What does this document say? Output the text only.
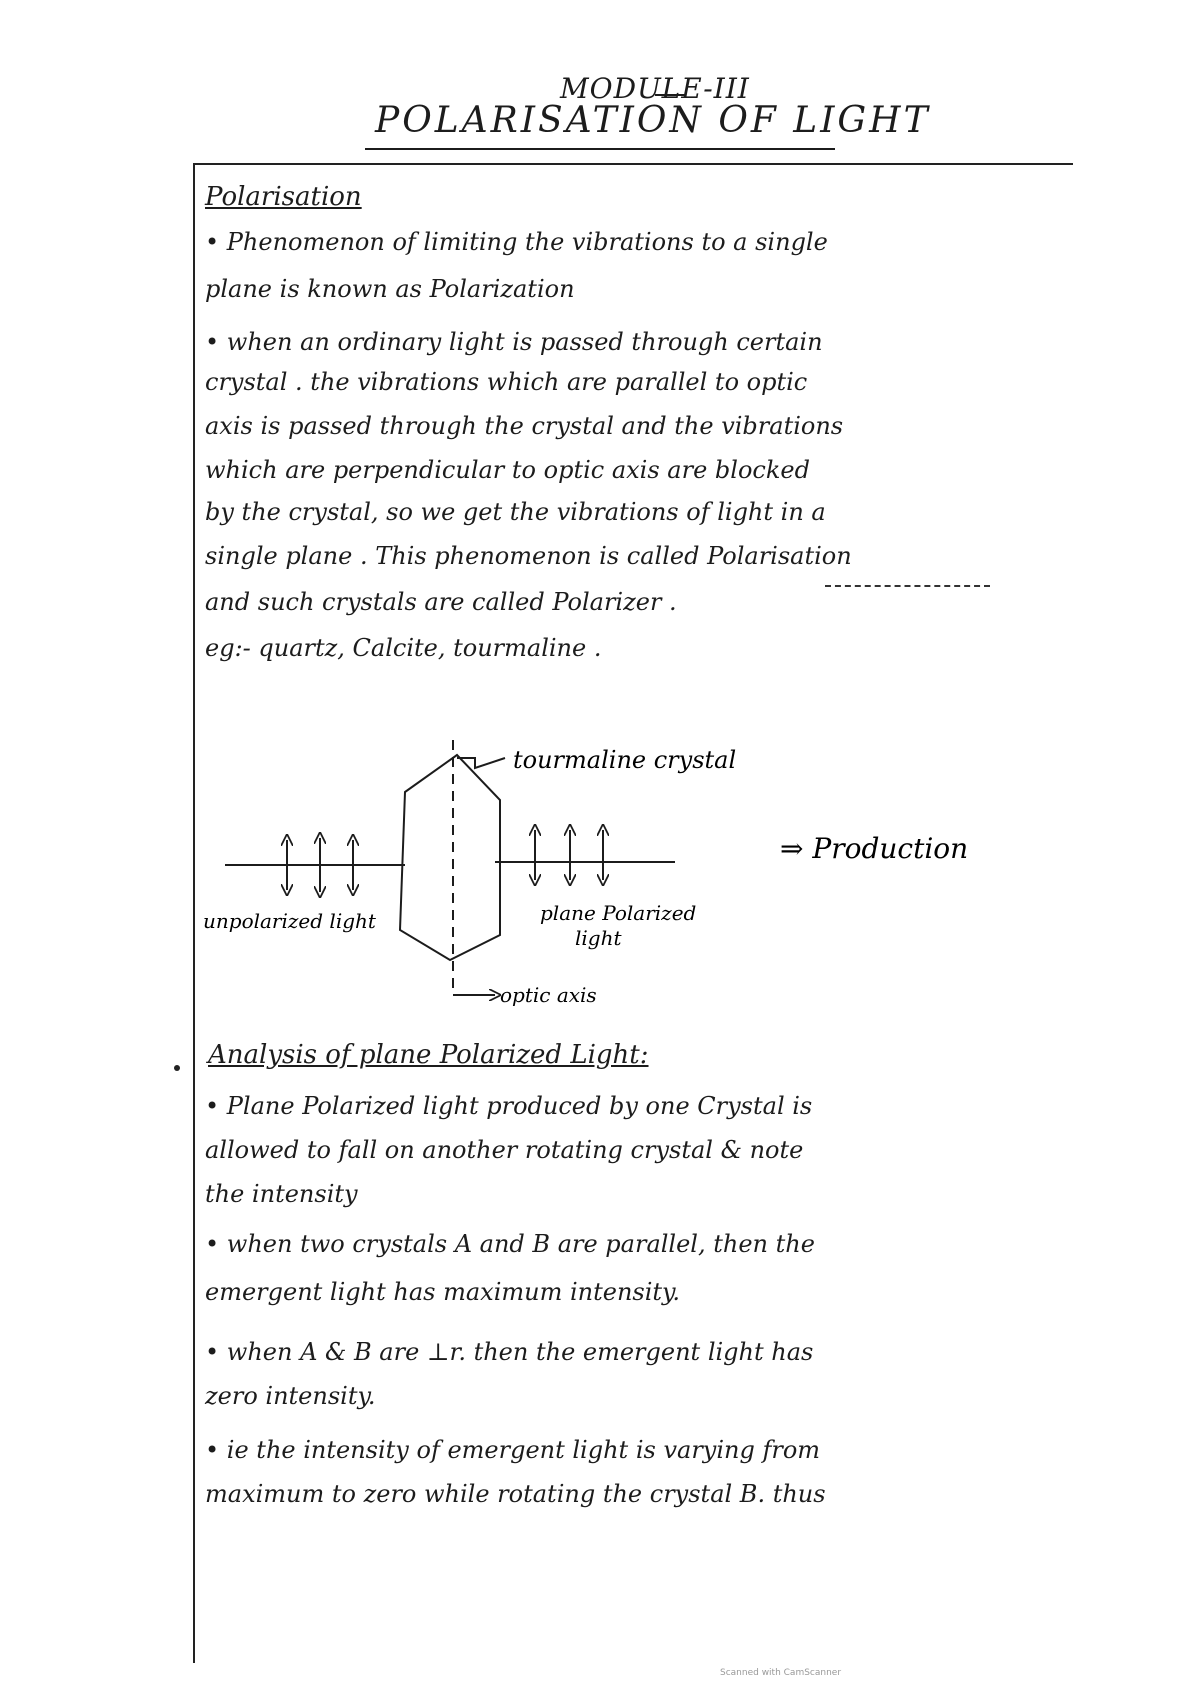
MODULE-III
POLARISATION OF LIGHT
Polarisation
• Phenomenon of limiting the vibrations to a single
plane is known as Polarization
• when an ordinary light is passed through certain
crystal . the vibrations which are parallel to optic
axis is passed through the crystal and the vibrations
which are perpendicular to optic axis are blocked
by the crystal, so we get the vibrations of light in a
single plane . This phenomenon is called Polarisation
and such crystals are called Polarizer .
eg:- quartz, Calcite, tourmaline .
tourmaline crystal
⇒ Production
unpolarized light	plane Polarized
light
optic axis
Analysis of plane Polarized Light:
• Plane Polarized light produced by one Crystal is
allowed to fall on another rotating crystal & note
the intensity
• when two crystals A and B are parallel, then the
emergent light has maximum intensity.
• when A & B are ⊥r. then the emergent light has
zero intensity.
• ie the intensity of emergent light is varying from
maximum to zero while rotating the crystal B. thus
Scanned with CamScanner
